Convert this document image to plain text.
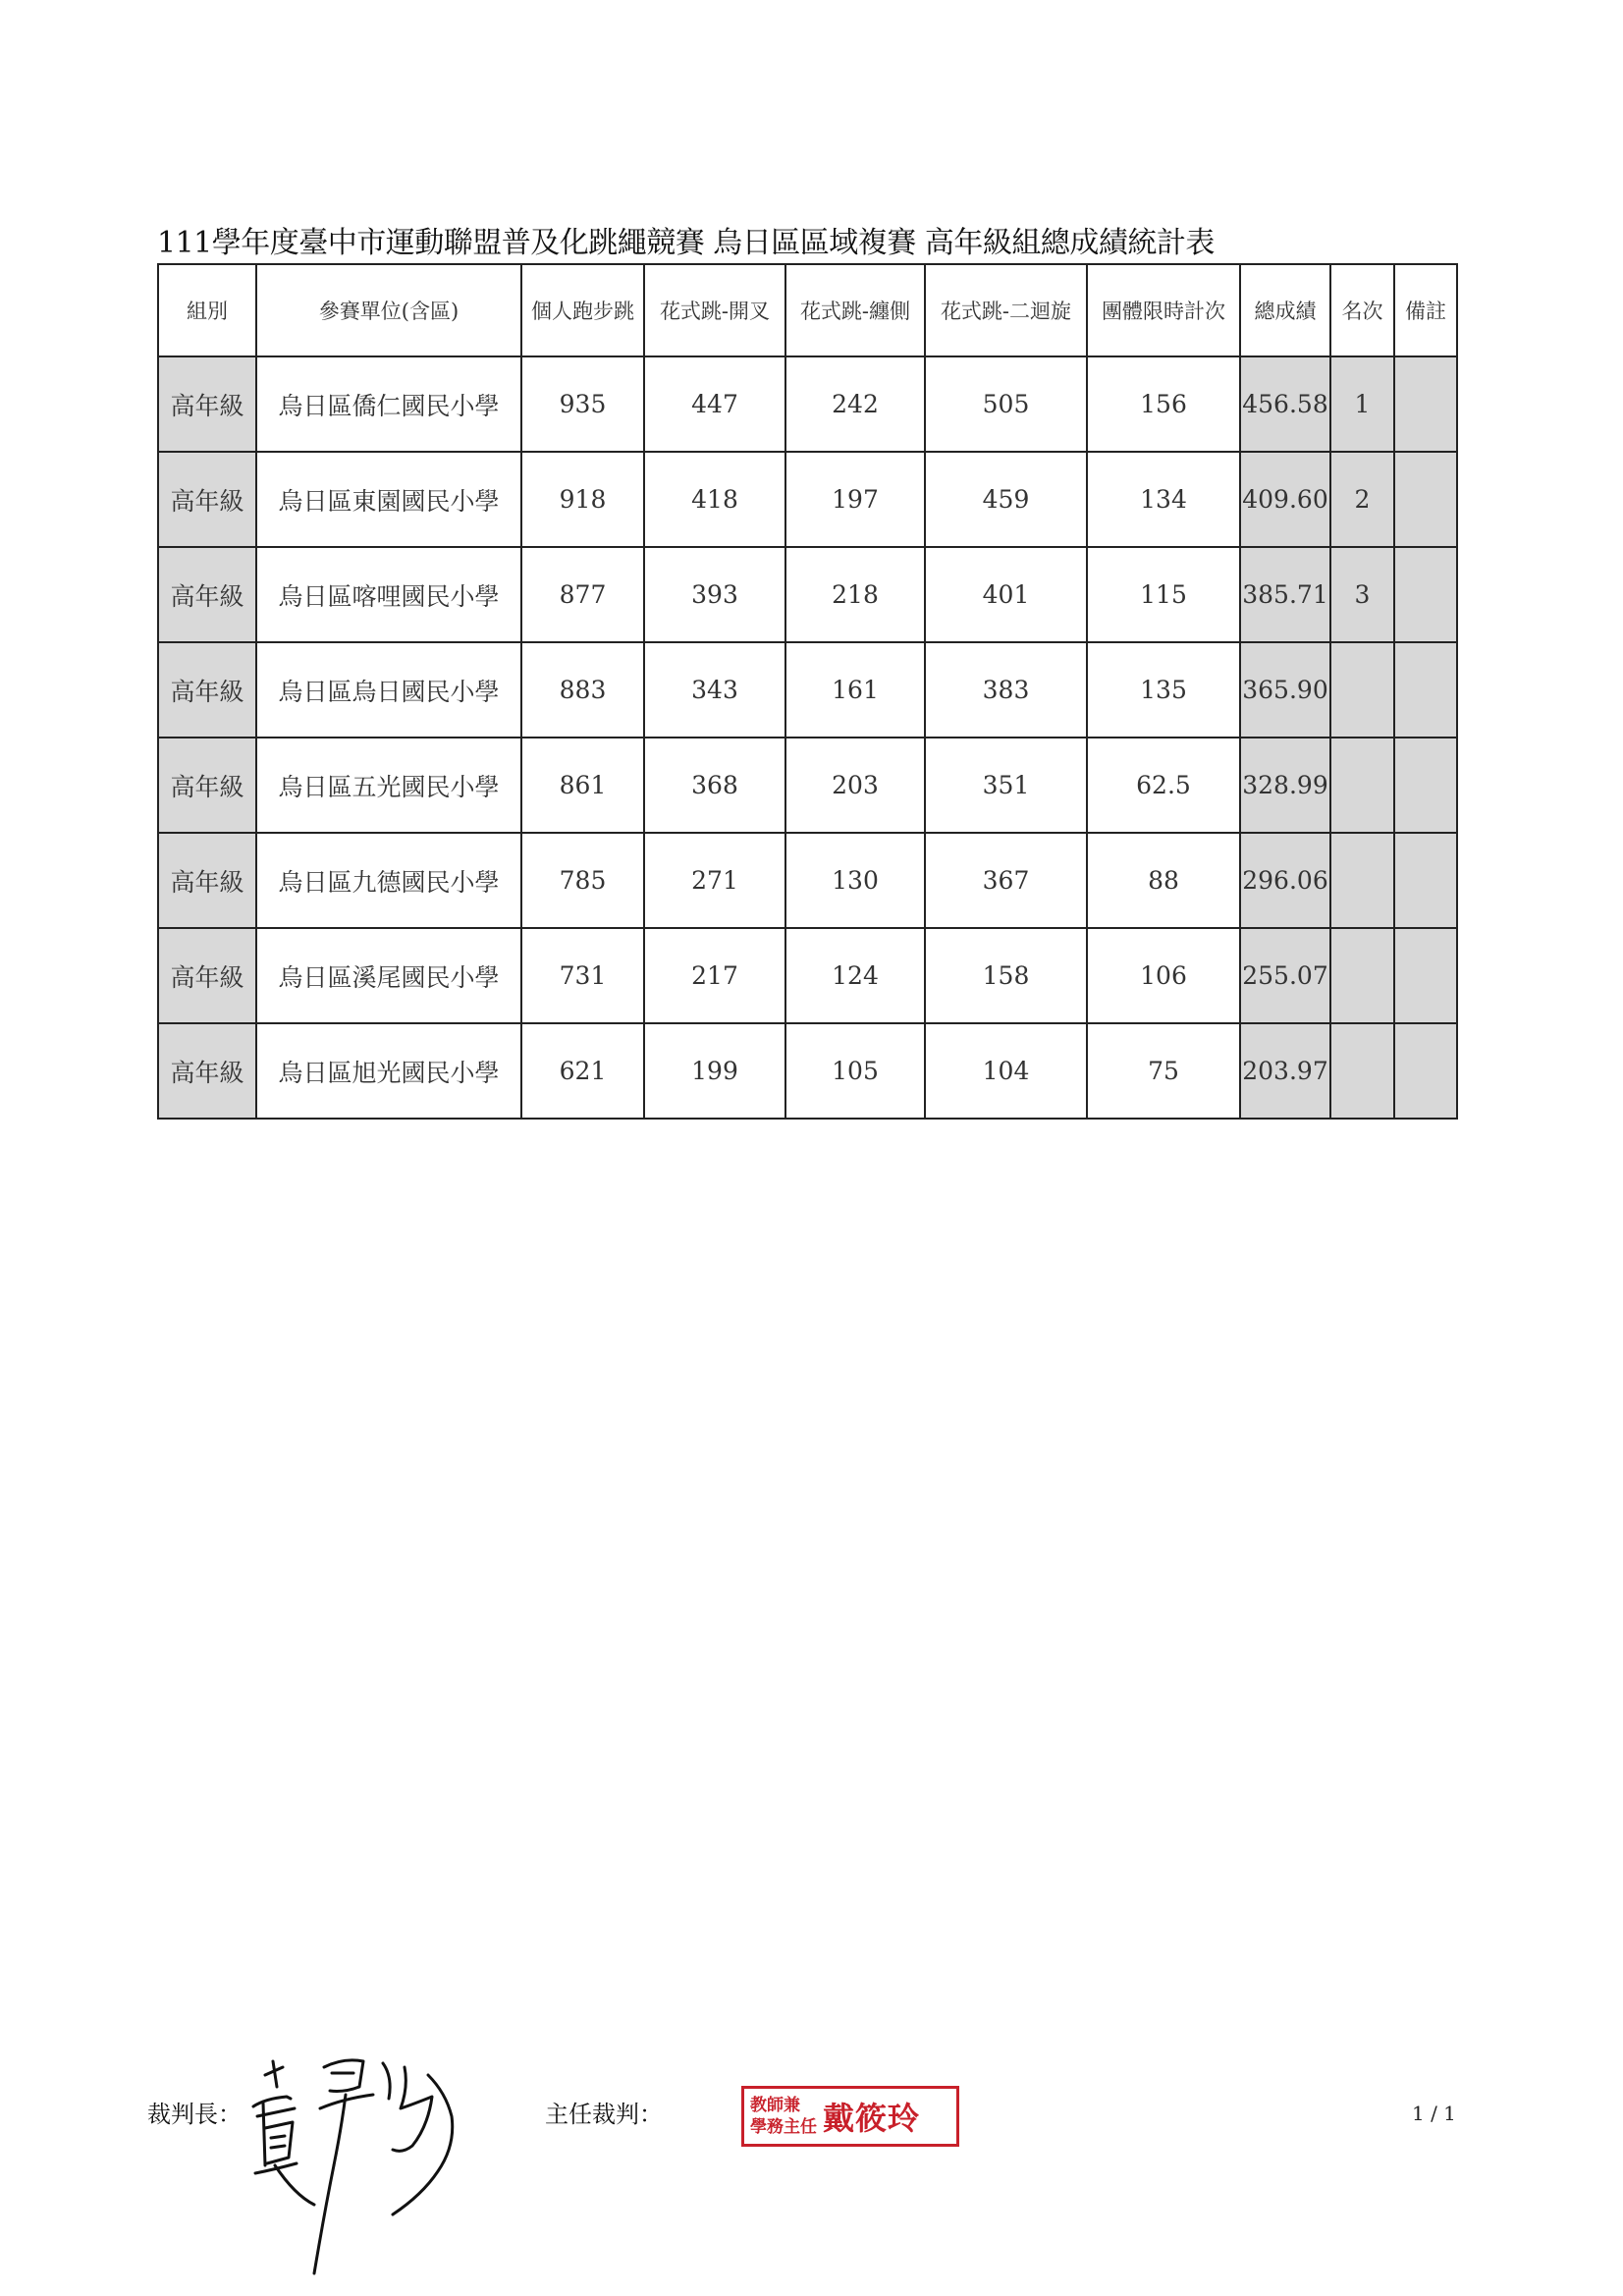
111學年度臺中市運動聯盟普及化跳繩競賽 烏日區區域複賽 高年級組總成績統計表
組別	參賽單位(含區)	個人跑步跳	花式跳-開叉	花式跳-纏側	花式跳-二迴旋	團體限時計次	總成績	名次	備註
高年級	烏日區僑仁國民小學	935	447	242	505	156	456.58	1	
高年級	烏日區東園國民小學	918	418	197	459	134	409.60	2	
高年級	烏日區喀哩國民小學	877	393	218	401	115	385.71	3	
高年級	烏日區烏日國民小學	883	343	161	383	135	365.90		
高年級	烏日區五光國民小學	861	368	203	351	62.5	328.99		
高年級	烏日區九德國民小學	785	271	130	367	88	296.06		
高年級	烏日區溪尾國民小學	731	217	124	158	106	255.07		
高年級	烏日區旭光國民小學	621	199	105	104	75	203.97		
裁判長：	主任裁判：	教師兼
學務主任 戴筱玲	1 / 1
